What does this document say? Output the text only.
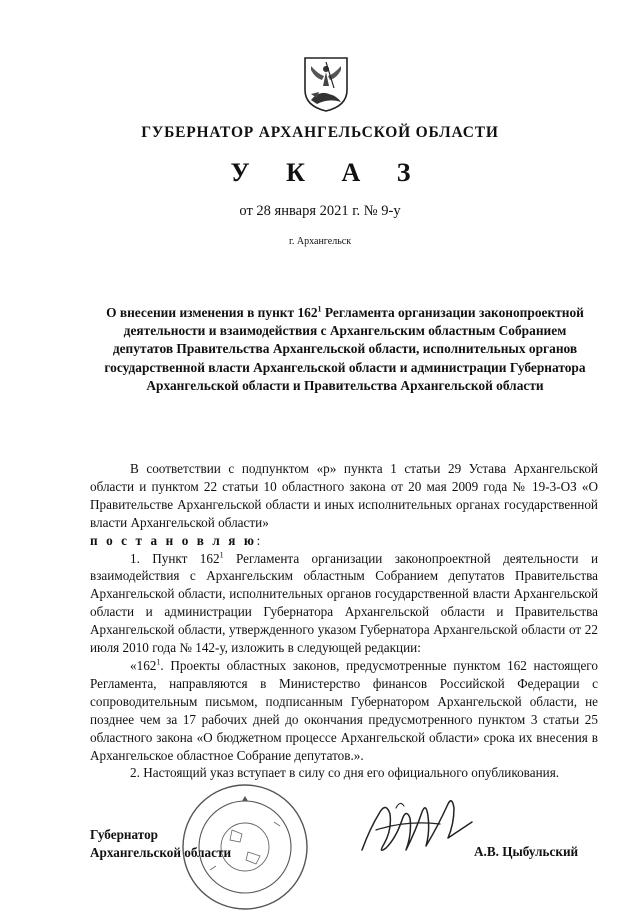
ГУБЕРНАТОР АРХАНГЕЛЬСКОЙ ОБЛАСТИ
У К А З
от 28 января 2021 г. № 9-у
г. Архангельск
О внесении изменения в пункт $162^1$ Регламента организации законопроектной деятельности и взаимодействия с Архангельским областным Собранием депутатов Правительства Архангельской области, исполнительных органов государственной власти Архангельской области и администрации Губернатора Архангельской области и Правительства Архангельской области

В соответствии с подпунктом «р» пункта 1 статьи 29 Устава Архангельской области и пунктом 22 статьи 10 областного закона от 20 мая 2009 года № 19-3-ОЗ «О Правительстве Архангельской области и иных исполнительных органах государственной власти Архангельской области»

п о с т а н о в л я ю:

1. Пункт $162^1$ Регламента организации законопроектной деятельности и взаимодействия с Архангельским областным Собранием депутатов Правительства Архангельской области, исполнительных органов государственной власти Архангельской области и администрации Губернатора Архангельской области и Правительства Архангельской области, утвержденного указом Губернатора Архангельской области от 22 июля 2010 года № 142-у, изложить в следующей редакции:

«$162^1$. Проекты областных законов, предусмотренные пунктом 162 настоящего Регламента, направляются в Министерство финансов Российской Федерации с сопроводительным письмом, подписанным Губернатором Архангельской области, не позднее чем за 17 рабочих дней до окончания предусмотренного пунктом 3 статьи 25 областного закона «О бюджетном процессе Архангельской области» срока их внесения в Архангельское областное Собрание депутатов.».

2. Настоящий указ вступает в силу со дня его официального опубликования.

Губернатор
Архангельской области	А.В. Цыбульский
